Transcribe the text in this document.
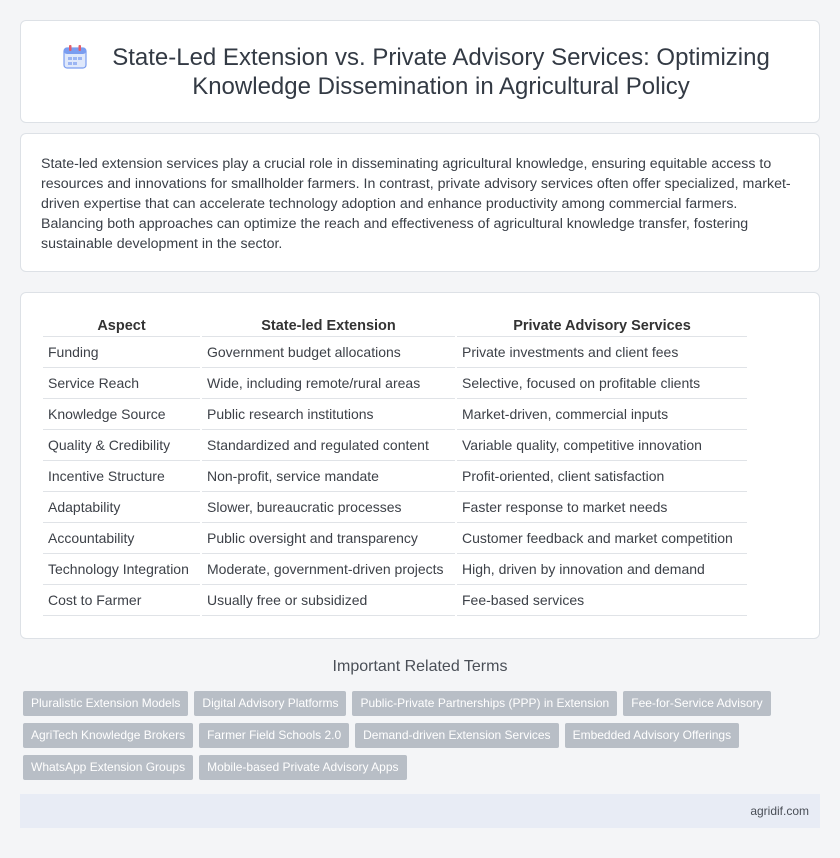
State-Led Extension vs. Private Advisory Services: Optimizing Knowledge Dissemination in Agricultural Policy

State-led extension services play a crucial role in disseminating agricultural knowledge, ensuring equitable access to resources and innovations for smallholder farmers. In contrast, private advisory services often offer specialized, market-driven expertise that can accelerate technology adoption and enhance productivity among commercial farmers. Balancing both approaches can optimize the reach and effectiveness of agricultural knowledge transfer, fostering sustainable development in the sector.

Aspect	State-led Extension	Private Advisory Services
Funding	Government budget allocations	Private investments and client fees
Service Reach	Wide, including remote/rural areas	Selective, focused on profitable clients
Knowledge Source	Public research institutions	Market-driven, commercial inputs
Quality & Credibility	Standardized and regulated content	Variable quality, competitive innovation
Incentive Structure	Non-profit, service mandate	Profit-oriented, client satisfaction
Adaptability	Slower, bureaucratic processes	Faster response to market needs
Accountability	Public oversight and transparency	Customer feedback and market competition
Technology Integration	Moderate, government-driven projects	High, driven by innovation and demand
Cost to Farmer	Usually free or subsidized	Fee-based services
Important Related Terms
Pluralistic Extension Models	Digital Advisory Platforms	Public-Private Partnerships (PPP) in Extension	Fee-for-Service Advisory
AgriTech Knowledge Brokers	Farmer Field Schools 2.0	Demand-driven Extension Services	Embedded Advisory Offerings
WhatsApp Extension Groups	Mobile-based Private Advisory Apps
agridif.com
